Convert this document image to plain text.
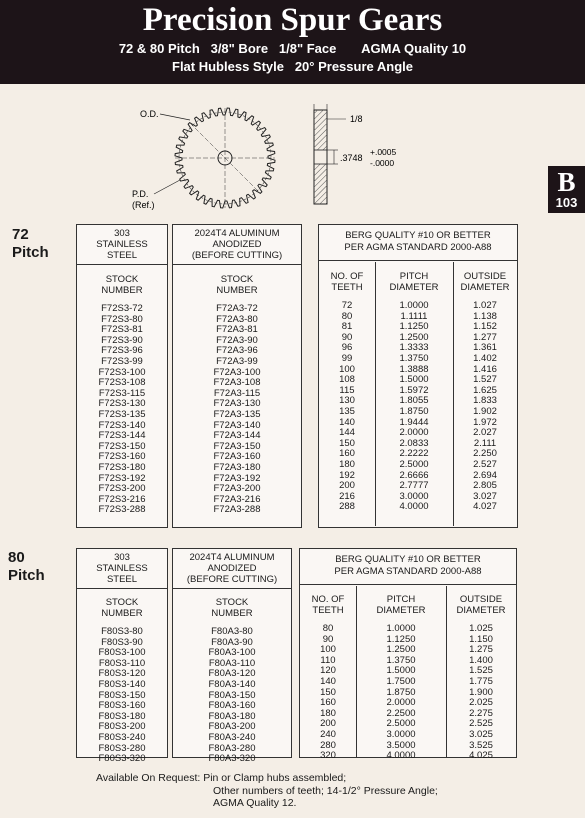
Precision Spur Gears
72 & 80 Pitch   3/8" Bore   1/8" Face       AGMA Quality 10
Flat Hubless Style   20° Pressure Angle
B
103
O.D.
P.D.
(Ref.)
1/8
.3748
+.0005
-.0000
72
Pitch
303
STAINLESS
STEEL
STOCK
NUMBER
F72S3-72
F72S3-80
F72S3-81
F72S3-90
F72S3-96
F72S3-99
F72S3-100
F72S3-108
F72S3-115
F72S3-130
F72S3-135
F72S3-140
F72S3-144
F72S3-150
F72S3-160
F72S3-180
F72S3-192
F72S3-200
F72S3-216
F72S3-288
2024T4 ALUMINUM
ANODIZED
(BEFORE CUTTING)
STOCK
NUMBER
F72A3-72
F72A3-80
F72A3-81
F72A3-90
F72A3-96
F72A3-99
F72A3-100
F72A3-108
F72A3-115
F72A3-130
F72A3-135
F72A3-140
F72A3-144
F72A3-150
F72A3-160
F72A3-180
F72A3-192
F72A3-200
F72A3-216
F72A3-288
BERG QUALITY #10 OR BETTER
PER AGMA STANDARD 2000-A88
NO. OF
TEETH
PITCH
DIAMETER
OUTSIDE
DIAMETER
72
80
81
90
96
99
100
108
115
130
135
140
144
150
160
180
192
200
216
288
1.0000
1.1111
1.1250
1.2500
1.3333
1.3750
1.3888
1.5000
1.5972
1.8055
1.8750
1.9444
2.0000
2.0833
2.2222
2.5000
2.6666
2.7777
3.0000
4.0000
1.027
1.138
1.152
1.277
1.361
1.402
1.416
1.527
1.625
1.833
1.902
1.972
2.027
2.111
2.250
2.527
2.694
2.805
3.027
4.027
80
Pitch
303
STAINLESS
STEEL
STOCK
NUMBER
F80S3-80
F80S3-90
F80S3-100
F80S3-110
F80S3-120
F80S3-140
F80S3-150
F80S3-160
F80S3-180
F80S3-200
F80S3-240
F80S3-280
F80S3-320
2024T4 ALUMINUM
ANODIZED
(BEFORE CUTTING)
STOCK
NUMBER
F80A3-80
F80A3-90
F80A3-100
F80A3-110
F80A3-120
F80A3-140
F80A3-150
F80A3-160
F80A3-180
F80A3-200
F80A3-240
F80A3-280
F80A3-320
BERG QUALITY #10 OR BETTER
PER AGMA STANDARD 2000-A88
NO. OF
TEETH
PITCH
DIAMETER
OUTSIDE
DIAMETER
80
90
100
110
120
140
150
160
180
200
240
280
320
1.0000
1.1250
1.2500
1.3750
1.5000
1.7500
1.8750
2.0000
2.2500
2.5000
3.0000
3.5000
4.0000
1.025
1.150
1.275
1.400
1.525
1.775
1.900
2.025
2.275
2.525
3.025
3.525
4.025
Available On Request: Pin or Clamp hubs assembled;
Other numbers of teeth; 14-1/2° Pressure Angle;
AGMA Quality 12.
